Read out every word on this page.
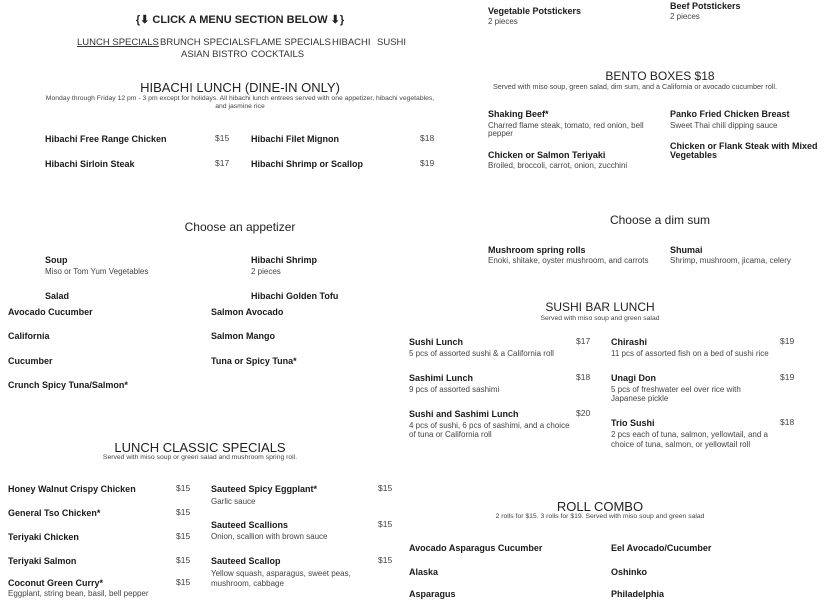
{⬇ CLICK A MENU SECTION BELOW ⬇}
LUNCH SPECIALS BRUNCH SPECIALS FLAME SPECIALS HIBACHI SUSHI
ASIAN BISTRO COCKTAILS
HIBACHI LUNCH (DINE-IN ONLY)
Monday through Friday 12 pm - 3 pm except for holidays. All hibachi lunch entrees served with one appetizer, hibachi vegetables,
and jasmine rice
Hibachi Free Range Chicken	$15 Hibachi Filet Mignon	$18
Hibachi Sirloin Steak	$17 Hibachi Shrimp or Scallop	$19
Choose an appetizer
Soup
Miso or Tom Yum Vegetables
Hibachi Shrimp
2 pieces
Salad	Hibachi Golden Tofu
Avocado Cucumber	Salmon Avocado
California	Salmon Mango
Cucumber	Tuna or Spicy Tuna*
Crunch Spicy Tuna/Salmon*
LUNCH CLASSIC SPECIALS
Served with miso soup or green salad and mushroom spring roll.
Honey Walnut Crispy Chicken	$15
General Tso Chicken*	$15
Teriyaki Chicken	$15
Teriyaki Salmon	$15
Coconut Green Curry*	$15
Eggplant, string bean, basil, bell pepper
Sauteed Spicy Eggplant*	$15
Garlic sauce
Sauteed Scallions	$15
Onion, scallion with brown sauce
Sauteed Scallop	$15
Yellow squash, asparagus, sweet peas,
mushroom, cabbage
Beef Potstickers
2 pieces
Vegetable Potstickers
2 pieces
BENTO BOXES $18
Served with miso soup, green salad, dim sum, and a California or avocado cucumber roll.
Shaking Beef*
Charred flame steak, tomato, red onion, bell
pepper
Panko Fried Chicken Breast
Sweet Thai chili dipping sauce
Chicken or Salmon Teriyaki
Broiled, broccoli, carrot, onion, zucchini
Chicken or Flank Steak with Mixed
Vegetables
Choose a dim sum
Mushroom spring rolls
Enoki, shitake, oyster mushroom, and carrots
Shumai
Shrimp, mushroom, jicama, celery
SUSHI BAR LUNCH
Served with miso soup and green salad
Sushi Lunch	$17
5 pcs of assorted sushi & a California roll
Sashimi Lunch	$18
9 pcs of assorted sashimi
Sushi and Sashimi Lunch	$20
4 pcs of sushi, 6 pcs of sashimi, and a choice
of tuna or California roll
Chirashi	$19
11 pcs of assorted fish on a bed of sushi rice
Unagi Don	$19
5 pcs of freshwater eel over rice with
Japanese pickle
Trio Sushi	$18
2 pcs each of tuna, salmon, yellowtail, and a
choice of tuna, salmon, or yellowtail roll
ROLL COMBO
2 rolls for $15. 3 rolls for $19. Served with miso soup and green salad
Avocado Asparagus Cucumber	Eel Avocado/Cucumber
Alaska	Oshinko
Asparagus	Philadelphia
